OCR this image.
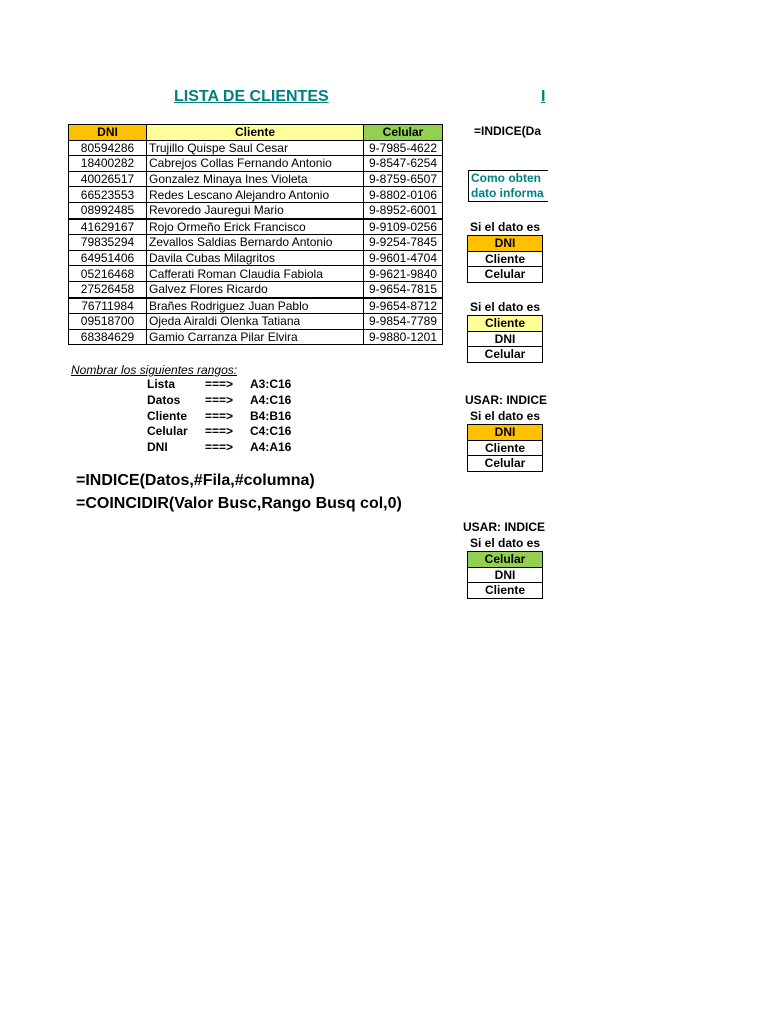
LISTA DE CLIENTES	I
DNI	Cliente	Celular
80594286	Trujillo Quispe Saul Cesar	9-7985-4622
18400282	Cabrejos Collas Fernando Antonio	9-8547-6254
40026517	Gonzalez Minaya Ines Violeta	9-8759-6507
66523553	Redes Lescano Alejandro Antonio	9-8802-0106
08992485	Revoredo Jauregui Mario	9-8952-6001
41629167	Rojo Ormeño Erick Francisco	9-9109-0256
79835294	Zevallos Saldias Bernardo Antonio	9-9254-7845
64951406	Davila Cubas Milagritos	9-9601-4704
05216468	Cafferati Roman Claudia Fabiola	9-9621-9840
27526458	Galvez Flores Ricardo	9-9654-7815
76711984	Brañes Rodriguez Juan Pablo	9-9654-8712
09518700	Ojeda Airaldi Olenka Tatiana	9-9854-7789
68384629	Gamio Carranza Pilar Elvira	9-9880-1201
=INDICE(Da
Como obten
dato informa
Si el dato es
DNI
Cliente
Celular
Si el dato es
Cliente
DNI
Celular
USAR: INDICE
Si el dato es
DNI
Cliente
Celular
USAR: INDICE
Si el dato es
Celular
DNI
Cliente
Nombrar los siguientes rangos:
Lista ===> A3:C16
Datos ===> A4:C16
Cliente ===> B4:B16
Celular ===> C4:C16
DNI	===> A4:A16
=INDICE(Datos,#Fila,#columna)
=COINCIDIR(Valor Busc,Rango Busq col,0)
